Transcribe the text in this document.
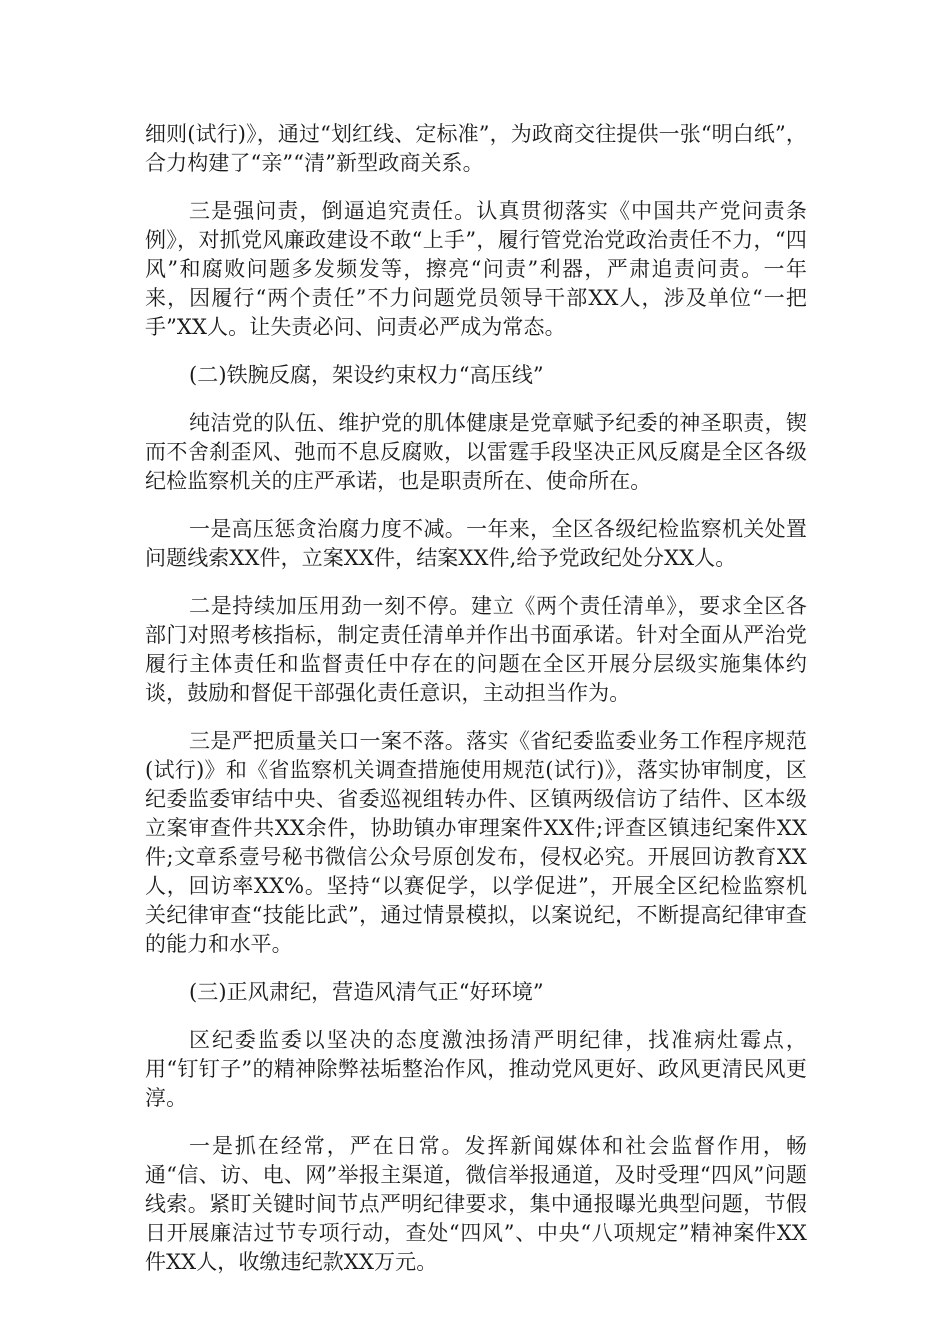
细则(试行)》，通过“划红线、定标准”，为政商交往提供一张“明白纸”，合力构建了“亲”“清”新型政商关系。

三是强问责，倒逼追究责任。认真贯彻落实《中国共产党问责条例》，对抓党风廉政建设不敢“上手”，履行管党治党政治责任不力，“四风”和腐败问题多发频发等，擦亮“问责”利器，严肃追责问责。一年来，因履行“两个责任”不力问题党员领导干部XX人，涉及单位“一把手”XX人。让失责必问、问责必严成为常态。

(二)铁腕反腐，架设约束权力“高压线”

纯洁党的队伍、维护党的肌体健康是党章赋予纪委的神圣职责，锲而不舍刹歪风、弛而不息反腐败，以雷霆手段坚决正风反腐是全区各级纪检监察机关的庄严承诺，也是职责所在、使命所在。

一是高压惩贪治腐力度不减。一年来，全区各级纪检监察机关处置问题线索XX件，立案XX件，结案XX件,给予党政纪处分XX人。

二是持续加压用劲一刻不停。建立《两个责任清单》，要求全区各部门对照考核指标，制定责任清单并作出书面承诺。针对全面从严治党履行主体责任和监督责任中存在的问题在全区开展分层级实施集体约谈，鼓励和督促干部强化责任意识，主动担当作为。

三是严把质量关口一案不落。落实《省纪委监委业务工作程序规范(试行)》和《省监察机关调查措施使用规范(试行)》，落实协审制度，区纪委监委审结中央、省委巡视组转办件、区镇两级信访了结件、区本级立案审查件共XX余件，协助镇办审理案件XX件;评查区镇违纪案件XX件;文章系壹号秘书微信公众号原创发布，侵权必究。开展回访教育XX人，回访率XX%。坚持“以赛促学，以学促进”，开展全区纪检监察机关纪律审查“技能比武”，通过情景模拟，以案说纪，不断提高纪律审查的能力和水平。

(三)正风肃纪，营造风清气正“好环境”

区纪委监委以坚决的态度激浊扬清严明纪律，找准病灶霉点，用“钉钉子”的精神除弊祛垢整治作风，推动党风更好、政风更清民风更淳。

一是抓在经常，严在日常。发挥新闻媒体和社会监督作用，畅通“信、访、电、网”举报主渠道，微信举报通道，及时受理“四风”问题线索。紧盯关键时间节点严明纪律要求，集中通报曝光典型问题，节假日开展廉洁过节专项行动，查处“四风”、中央“八项规定”精神案件XX件XX人，收缴违纪款XX万元。
